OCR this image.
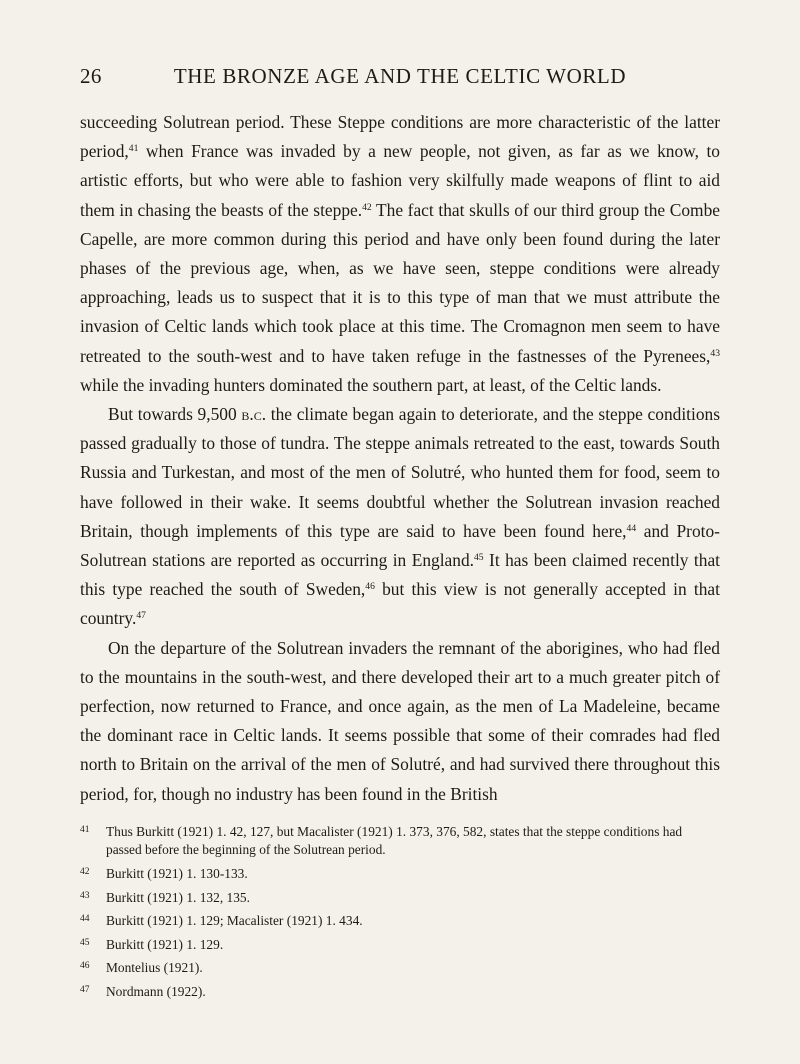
26	THE BRONZE AGE AND THE CELTIC WORLD

succeeding Solutrean period. These Steppe conditions are more characteristic of the latter period,$^{41}$ when France was invaded by a new people, not given, as far as we know, to artistic efforts, but who were able to fashion very skilfully made weapons of flint to aid them in chasing the beasts of the steppe.$^{42}$ The fact that skulls of our third group the Combe Capelle, are more common during this period and have only been found during the later phases of the previous age, when, as we have seen, steppe conditions were already approaching, leads us to suspect that it is to this type of man that we must attribute the invasion of Celtic lands which took place at this time. The Cromagnon men seem to have retreated to the south-west and to have taken refuge in the fastnesses of the Pyrenees,$^{43}$ while the invading hunters dominated the southern part, at least, of the Celtic lands.

But towards 9,500 b.c. the climate began again to deteriorate, and the steppe conditions passed gradually to those of tundra. The steppe animals retreated to the east, towards South Russia and Turkestan, and most of the men of Solutré, who hunted them for food, seem to have followed in their wake. It seems doubtful whether the Solutrean invasion reached Britain, though implements of this type are said to have been found here,$^{44}$ and Proto-Solutrean stations are reported as occurring in England.$^{45}$ It has been claimed recently that this type reached the south of Sweden,$^{46}$ but this view is not generally accepted in that country.$^{47}$

On the departure of the Solutrean invaders the remnant of the aborigines, who had fled to the mountains in the south-west, and there developed their art to a much greater pitch of perfection, now returned to France, and once again, as the men of La Madeleine, became the dominant race in Celtic lands. It seems possible that some of their comrades had fled north to Britain on the arrival of the men of Solutré, and had survived there throughout this period, for, though no industry has been found in the British

41 Thus Burkitt (1921) 1. 42, 127, but Macalister (1921) 1. 373, 376, 582, states that the steppe conditions had passed before the beginning of the Solutrean period.
42 Burkitt (1921) 1. 130-133.
43 Burkitt (1921) 1. 132, 135.
44 Burkitt (1921) 1. 129; Macalister (1921) 1. 434.
45 Burkitt (1921) 1. 129.
46 Montelius (1921).
47 Nordmann (1922).
